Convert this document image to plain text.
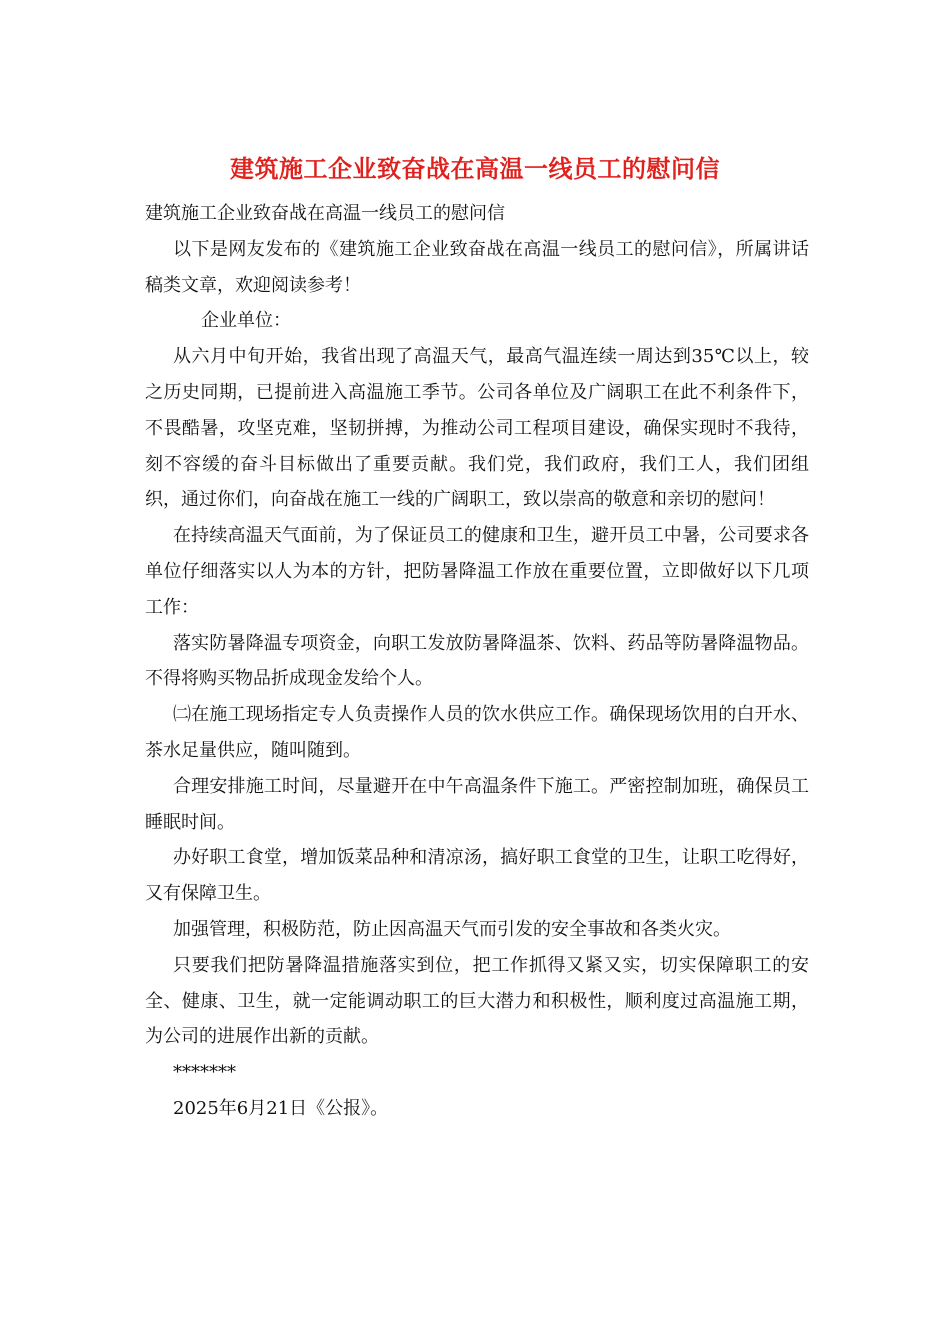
建筑施工企业致奋战在高温一线员工的慰问信

建筑施工企业致奋战在高温一线员工的慰问信

以下是网友发布的《建筑施工企业致奋战在高温一线员工的慰问信》，所属讲话稿类文章，欢迎阅读参考！

企业单位：

从六月中旬开始，我省出现了高温天气，最高气温连续一周达到35℃以上，较之历史同期，已提前进入高温施工季节。公司各单位及广阔职工在此不利条件下，不畏酷暑，攻坚克难，坚韧拼搏，为推动公司工程项目建设，确保实现时不我待，刻不容缓的奋斗目标做出了重要贡献。我们党，我们政府，我们工人，我们团组织，通过你们，向奋战在施工一线的广阔职工，致以崇高的敬意和亲切的慰问！

在持续高温天气面前，为了保证员工的健康和卫生，避开员工中暑，公司要求各单位仔细落实以人为本的方针，把防暑降温工作放在重要位置，立即做好以下几项工作：

落实防暑降温专项资金，向职工发放防暑降温茶、饮料、药品等防暑降温物品。不得将购买物品折成现金发给个人。

㈡在施工现场指定专人负责操作人员的饮水供应工作。确保现场饮用的白开水、茶水足量供应，随叫随到。

合理安排施工时间，尽量避开在中午高温条件下施工。严密控制加班，确保员工睡眠时间。

办好职工食堂，增加饭菜品种和清凉汤，搞好职工食堂的卫生，让职工吃得好，又有保障卫生。

加强管理，积极防范，防止因高温天气而引发的安全事故和各类火灾。

只要我们把防暑降温措施落实到位，把工作抓得又紧又实，切实保障职工的安全、健康、卫生，就一定能调动职工的巨大潜力和积极性，顺利度过高温施工期，为公司的进展作出新的贡献。

*******

2025年6月21日《公报》。
